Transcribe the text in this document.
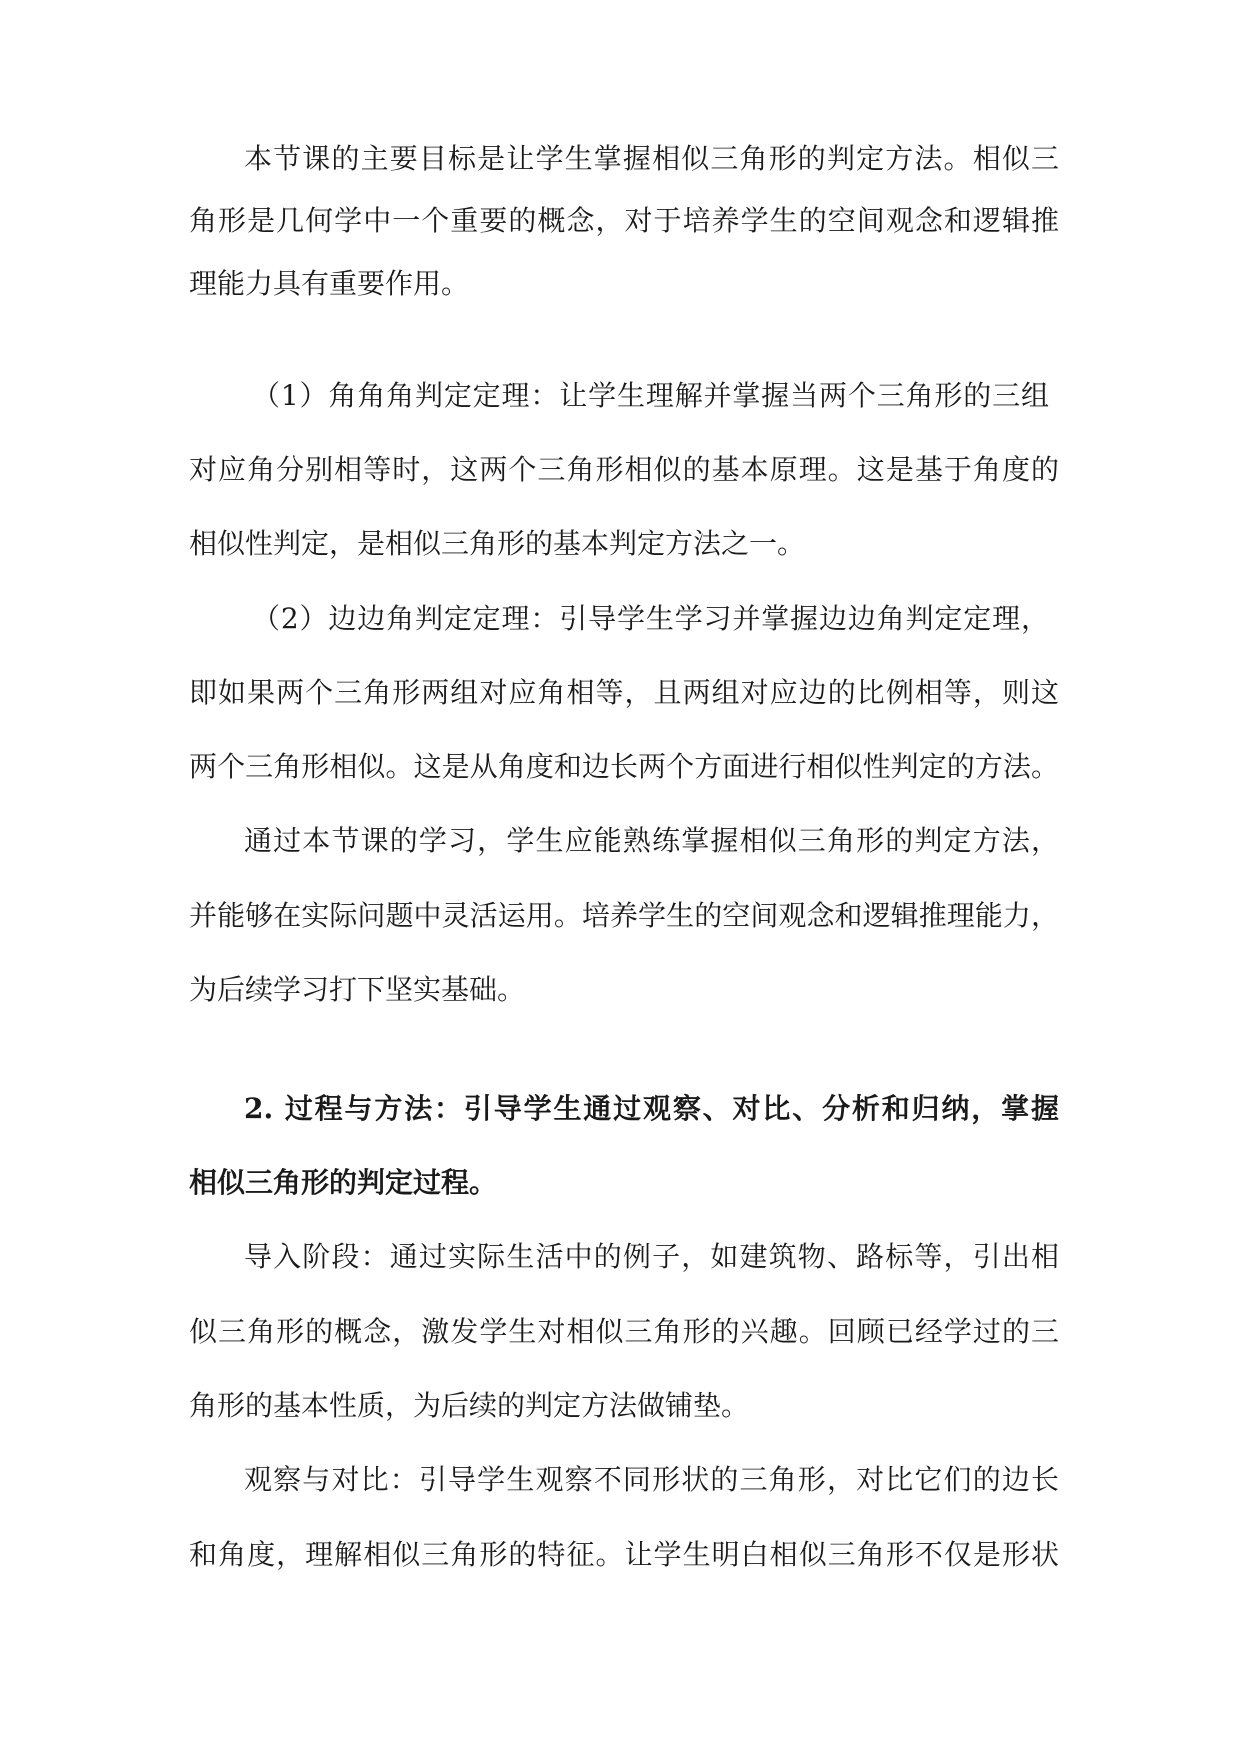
本节课的主要目标是让学生掌握相似三角形的判定方法。相似三
角形是几何学中一个重要的概念，对于培养学生的空间观念和逻辑推
理能力具有重要作用。
（1）角角角判定定理：让学生理解并掌握当两个三角形的三组
对应角分别相等时，这两个三角形相似的基本原理。这是基于角度的
相似性判定，是相似三角形的基本判定方法之一。
（2）边边角判定定理：引导学生学习并掌握边边角判定定理，
即如果两个三角形两组对应角相等，且两组对应边的比例相等，则这
两个三角形相似。这是从角度和边长两个方面进行相似性判定的方法。
通过本节课的学习，学生应能熟练掌握相似三角形的判定方法，
并能够在实际问题中灵活运用。培养学生的空间观念和逻辑推理能力，
为后续学习打下坚实基础。
2. 过程与方法：引导学生通过观察、对比、分析和归纳，掌握
相似三角形的判定过程。
导入阶段：通过实际生活中的例子，如建筑物、路标等，引出相
似三角形的概念，激发学生对相似三角形的兴趣。回顾已经学过的三
角形的基本性质，为后续的判定方法做铺垫。
观察与对比：引导学生观察不同形状的三角形，对比它们的边长
和角度，理解相似三角形的特征。让学生明白相似三角形不仅是形状
